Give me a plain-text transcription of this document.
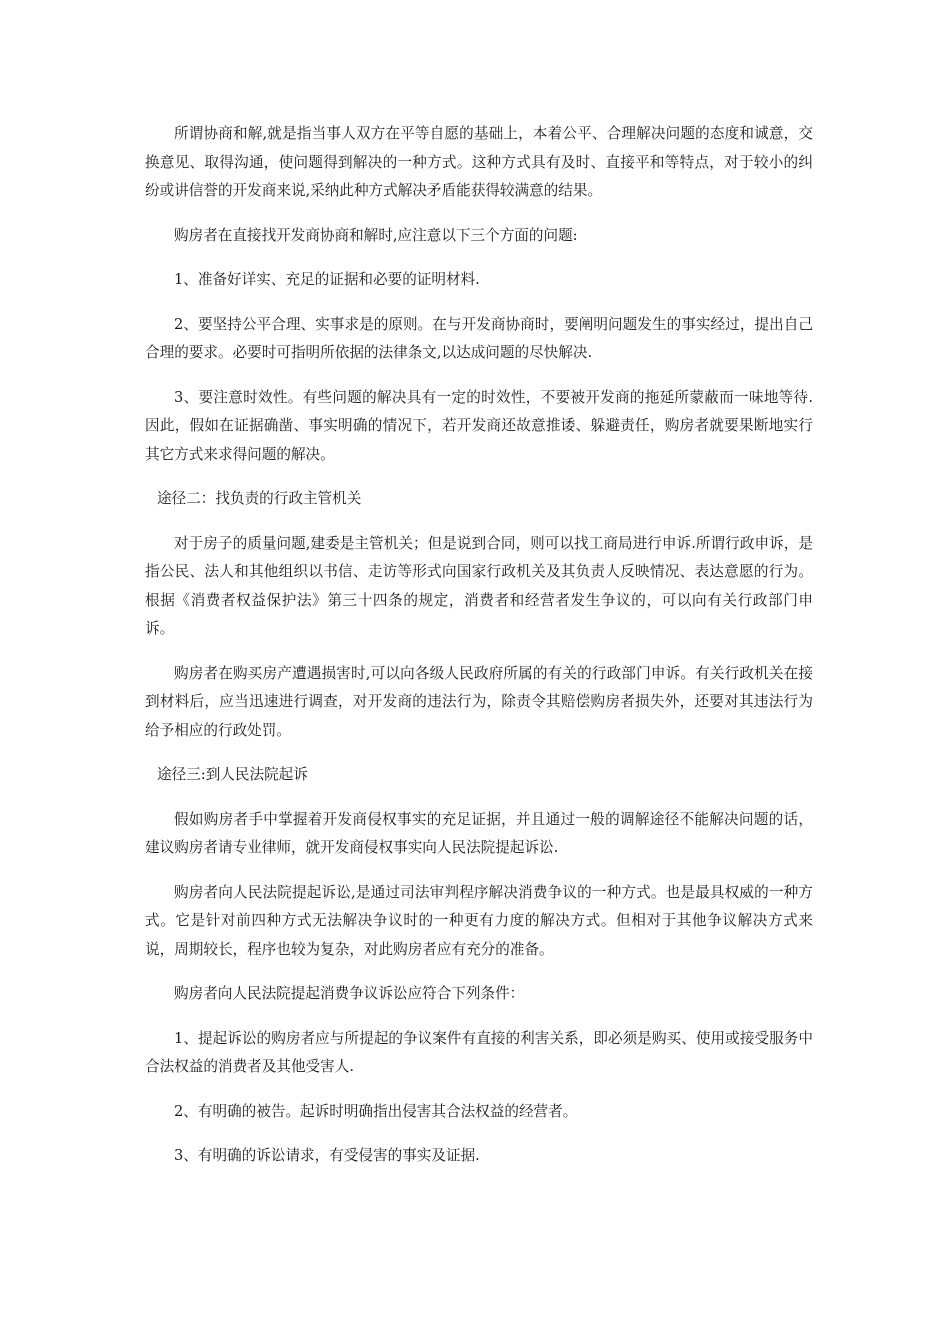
所谓协商和解,就是指当事人双方在平等自愿的基础上，本着公平、合理解决问题的态度和诚意，交换意见、取得沟通，使问题得到解决的一种方式。这种方式具有及时、直接平和等特点，对于较小的纠纷或讲信誉的开发商来说,采纳此种方式解决矛盾能获得较满意的结果。

购房者在直接找开发商协商和解时,应注意以下三个方面的问题:

1、准备好详实、充足的证据和必要的证明材料.

2、要坚持公平合理、实事求是的原则。在与开发商协商时，要阐明问题发生的事实经过，提出自己合理的要求。必要时可指明所依据的法律条文,以达成问题的尽快解决.

3、要注意时效性。有些问题的解决具有一定的时效性，不要被开发商的拖延所蒙蔽而一味地等待.因此，假如在证据确凿、事实明确的情况下，若开发商还故意推诿、躲避责任，购房者就要果断地实行其它方式来求得问题的解决。

途径二：找负责的行政主管机关

对于房子的质量问题,建委是主管机关；但是说到合同，则可以找工商局进行申诉.所谓行政申诉，是指公民、法人和其他组织以书信、走访等形式向国家行政机关及其负责人反映情况、表达意愿的行为。根据《消费者权益保护法》第三十四条的规定，消费者和经营者发生争议的，可以向有关行政部门申诉。

购房者在购买房产遭遇损害时,可以向各级人民政府所属的有关的行政部门申诉。有关行政机关在接到材料后，应当迅速进行调查，对开发商的违法行为，除责令其赔偿购房者损失外，还要对其违法行为给予相应的行政处罚。

途径三:到人民法院起诉

假如购房者手中掌握着开发商侵权事实的充足证据，并且通过一般的调解途径不能解决问题的话，建议购房者请专业律师，就开发商侵权事实向人民法院提起诉讼.

购房者向人民法院提起诉讼,是通过司法审判程序解决消费争议的一种方式。也是最具权威的一种方式。它是针对前四种方式无法解决争议时的一种更有力度的解决方式。但相对于其他争议解决方式来说，周期较长，程序也较为复杂，对此购房者应有充分的准备。

购房者向人民法院提起消费争议诉讼应符合下列条件：

1、提起诉讼的购房者应与所提起的争议案件有直接的利害关系，即必须是购买、使用或接受服务中合法权益的消费者及其他受害人.

2、有明确的被告。起诉时明确指出侵害其合法权益的经营者。

3、有明确的诉讼请求，有受侵害的事实及证据.
